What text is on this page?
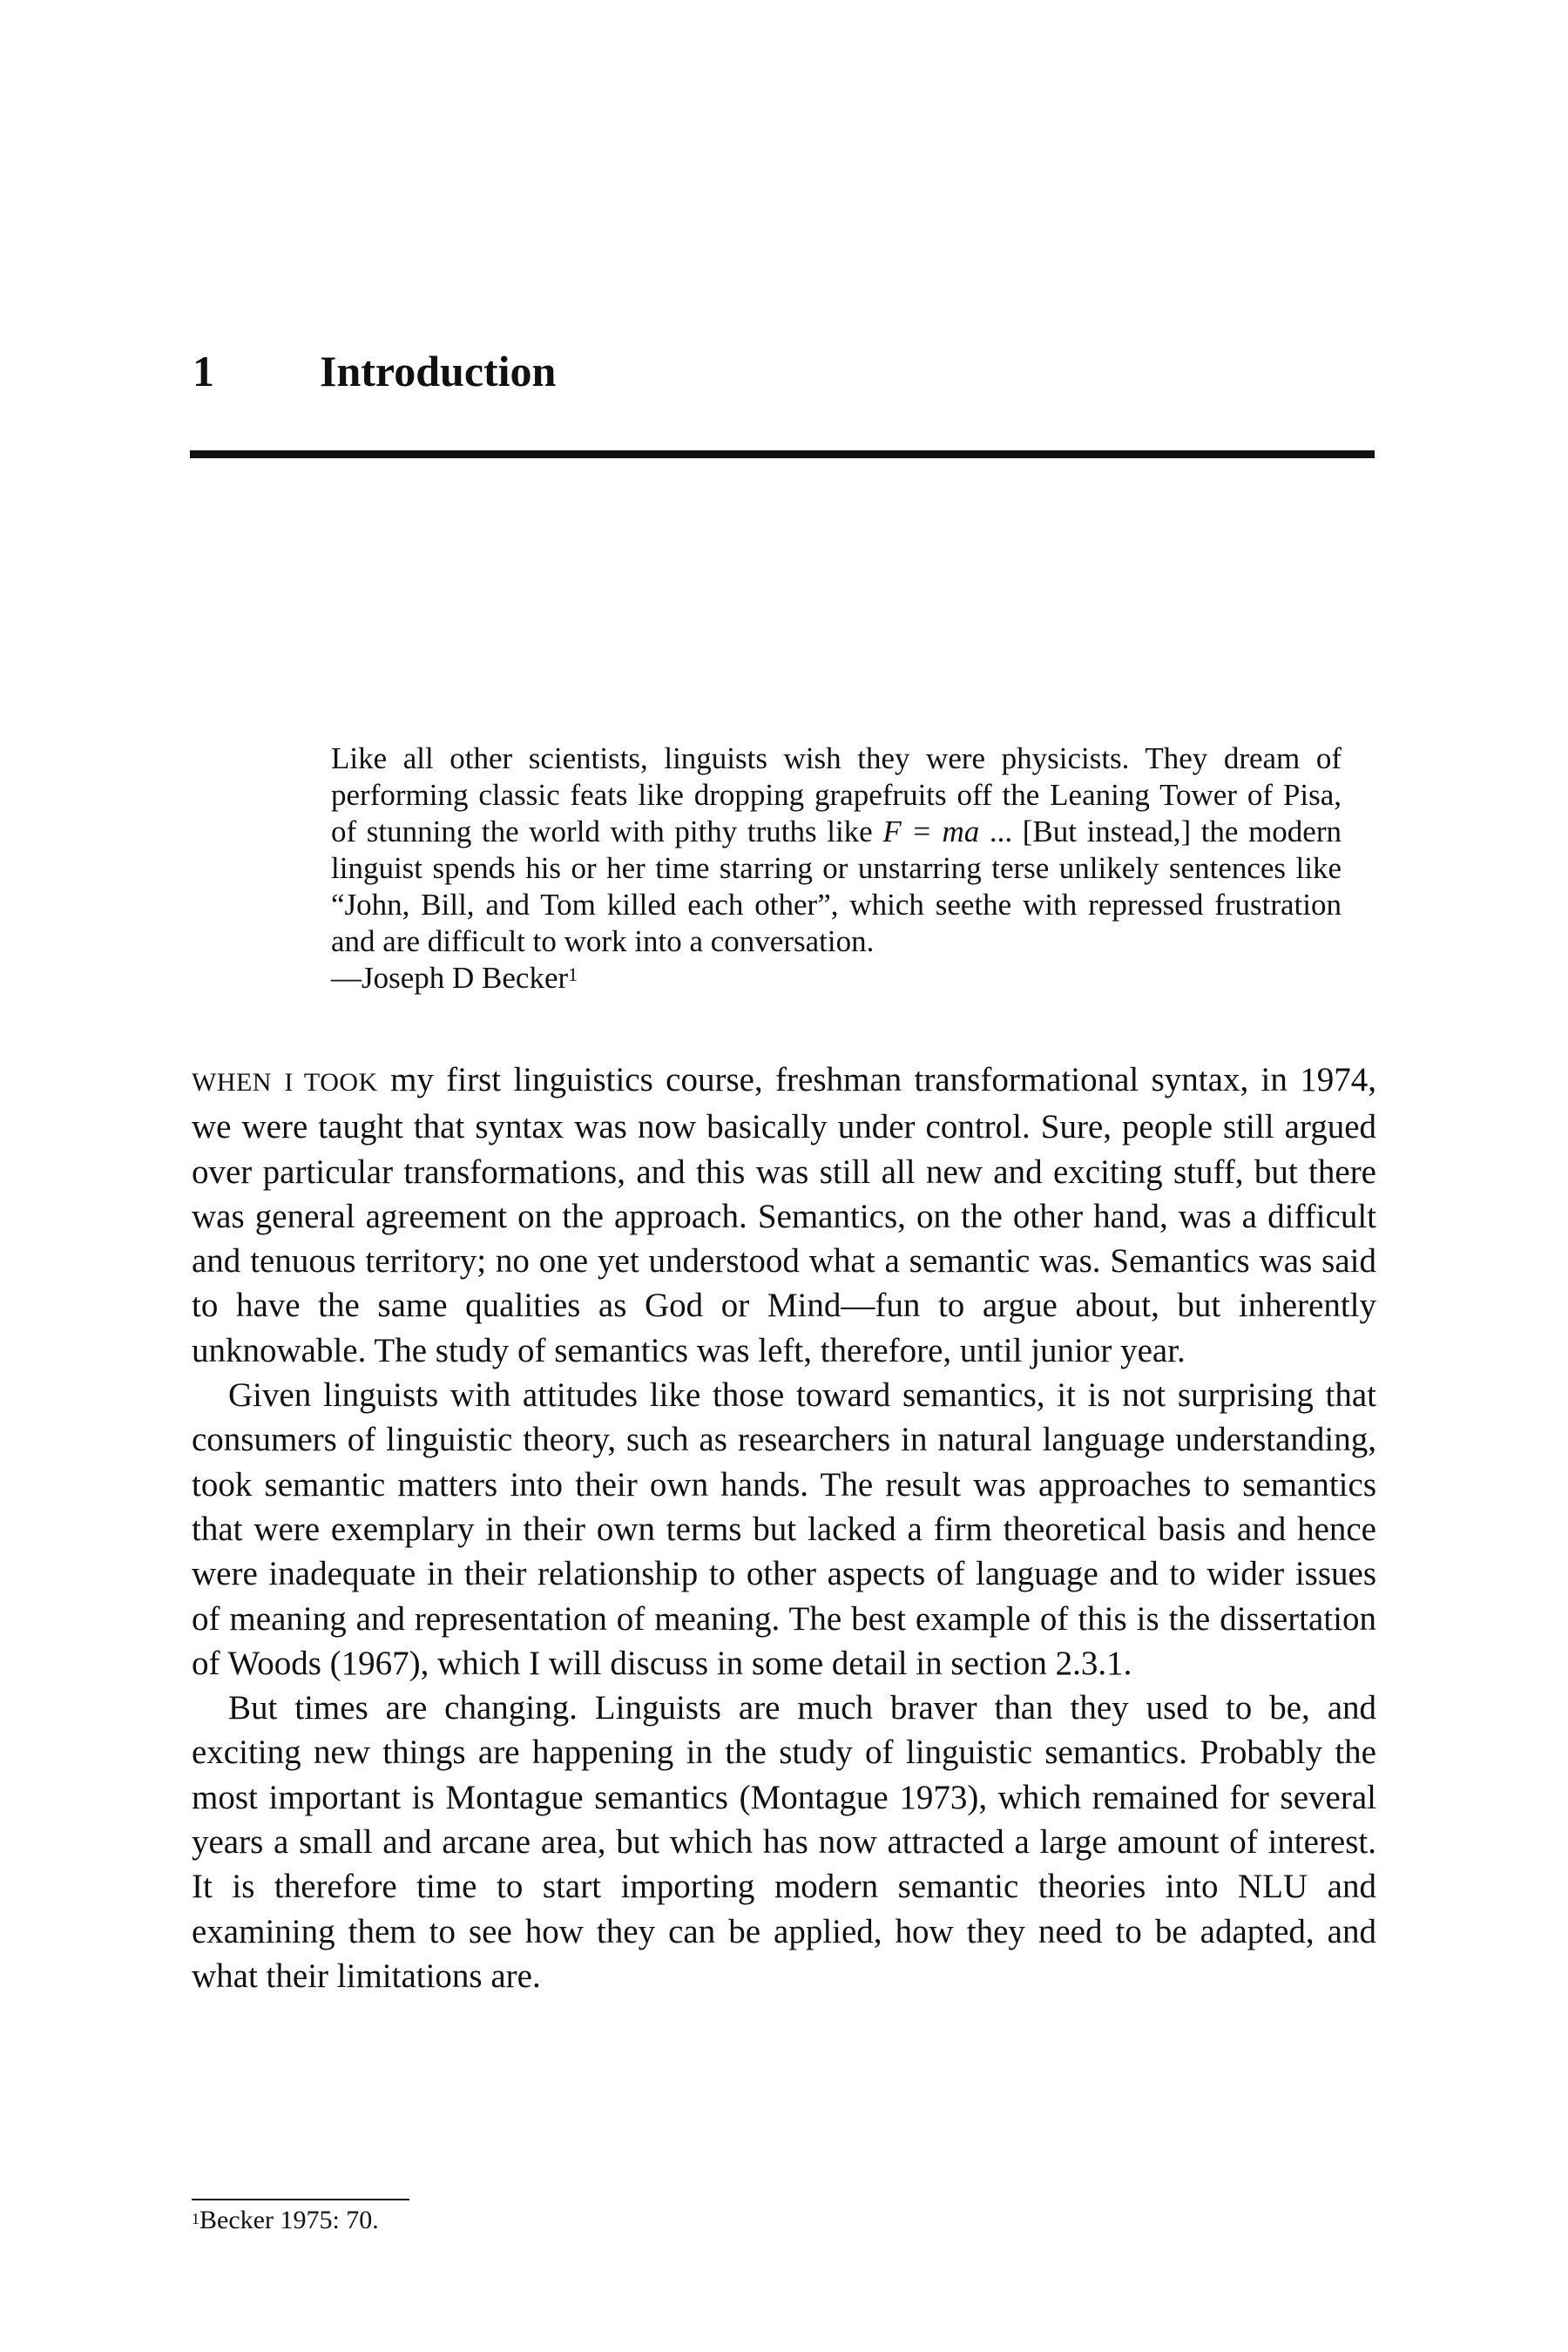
1 Introduction

Like all other scientists, linguists wish they were physicists. They dream of performing classic feats like dropping grapefruits off the Leaning Tower of Pisa, of stunning the world with pithy truths like F = ma ... [But instead,] the modern linguist spends his or her time starring or unstarring terse unlikely sentences like “John, Bill, and Tom killed each other”, which seethe with repressed frustration and are difficult to work into a conversation.

—Joseph D Becker$^1$

WHEN I TOOK my first linguistics course, freshman transformational syntax, in 1974, we were taught that syntax was now basically under control. Sure, people still argued over particular transformations, and this was still all new and exciting stuff, but there was general agreement on the approach. Semantics, on the other hand, was a difficult and tenuous territory; no one yet understood what a semantic was. Semantics was said to have the same qualities as God or Mind—fun to argue about, but inherently unknowable. The study of semantics was left, therefore, until junior year.

Given linguists with attitudes like those toward semantics, it is not surprising that consumers of linguistic theory, such as researchers in natural language understanding, took semantic matters into their own hands. The result was approaches to semantics that were exemplary in their own terms but lacked a firm theoretical basis and hence were inadequate in their relationship to other aspects of language and to wider issues of meaning and representation of meaning. The best example of this is the dissertation of Woods (1967), which I will discuss in some detail in section 2.3.1.

But times are changing. Linguists are much braver than they used to be, and exciting new things are happening in the study of linguistic semantics. Probably the most important is Montague semantics (Montague 1973), which remained for several years a small and arcane area, but which has now attracted a large amount of interest. It is therefore time to start importing modern semantic theories into NLU and examining them to see how they can be applied, how they need to be adapted, and what their limitations are.

$^1$Becker 1975: 70.
